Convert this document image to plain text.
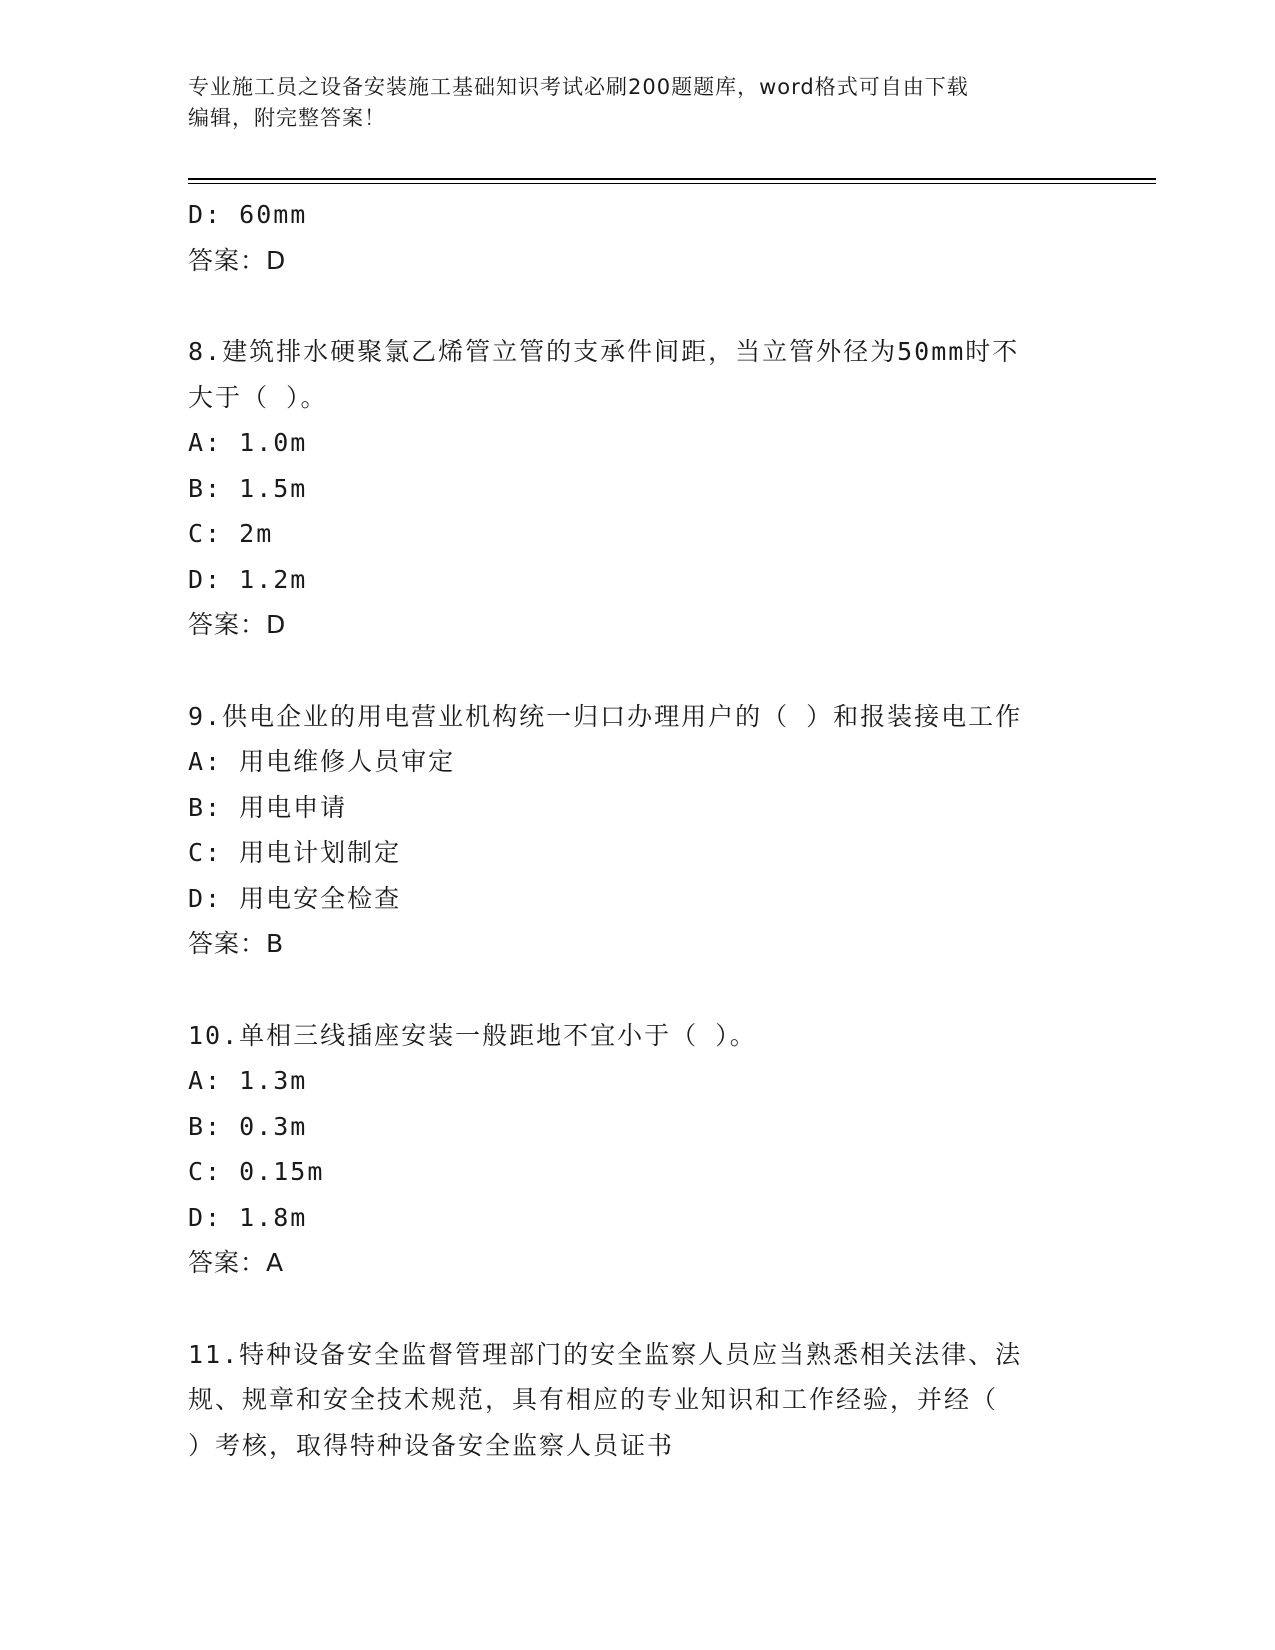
专业施工员之设备安装施工基础知识考试必刷200题题库，word格式可自由下载
编辑，附完整答案！
D: 60mm
答案：D
8.建筑排水硬聚氯乙烯管立管的支承件间距，当立管外径为50mm时不
大于（ ）。
A: 1.0m
B: 1.5m
C: 2m
D: 1.2m
答案：D
9.供电企业的用电营业机构统一归口办理用户的（ ）和报装接电工作
A: 用电维修人员审定
B: 用电申请
C: 用电计划制定
D: 用电安全检查
答案：B
10.单相三线插座安装一般距地不宜小于（ ）。
A: 1.3m
B: 0.3m
C: 0.15m
D: 1.8m
答案：A
11.特种设备安全监督管理部门的安全监察人员应当熟悉相关法律、法
规、规章和安全技术规范，具有相应的专业知识和工作经验，并经（
）考核，取得特种设备安全监察人员证书
